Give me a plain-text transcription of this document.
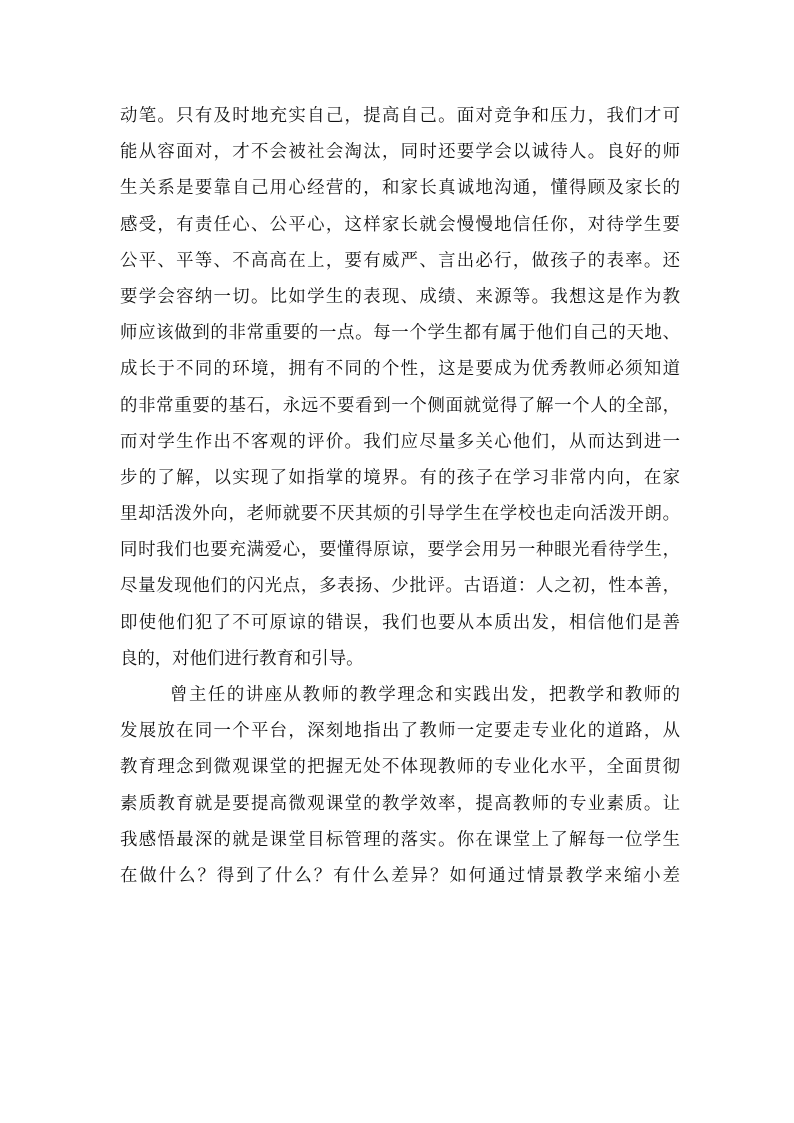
动笔。只有及时地充实自己，提高自己。面对竞争和压力，我们才可
能从容面对，才不会被社会淘汰，同时还要学会以诚待人。良好的师
生关系是要靠自己用心经营的，和家长真诚地沟通，懂得顾及家长的
感受，有责任心、公平心，这样家长就会慢慢地信任你，对待学生要
公平、平等、不高高在上，要有威严、言出必行，做孩子的表率。还
要学会容纳一切。比如学生的表现、成绩、来源等。我想这是作为教
师应该做到的非常重要的一点。每一个学生都有属于他们自己的天地、
成长于不同的环境，拥有不同的个性，这是要成为优秀教师必须知道
的非常重要的基石，永远不要看到一个侧面就觉得了解一个人的全部，
而对学生作出不客观的评价。我们应尽量多关心他们，从而达到进一
步的了解，以实现了如指掌的境界。有的孩子在学习非常内向，在家
里却活泼外向，老师就要不厌其烦的引导学生在学校也走向活泼开朗。
同时我们也要充满爱心，要懂得原谅，要学会用另一种眼光看待学生，
尽量发现他们的闪光点，多表扬、少批评。古语道：人之初，性本善，
即使他们犯了不可原谅的错误，我们也要从本质出发，相信他们是善
良的，对他们进行教育和引导。
曾主任的讲座从教师的教学理念和实践出发，把教学和教师的
发展放在同一个平台，深刻地指出了教师一定要走专业化的道路，从
教育理念到微观课堂的把握无处不体现教师的专业化水平，全面贯彻
素质教育就是要提高微观课堂的教学效率，提高教师的专业素质。让
我感悟最深的就是课堂目标管理的落实。你在课堂上了解每一位学生
在做什么？得到了什么？有什么差异？如何通过情景教学来缩小差
